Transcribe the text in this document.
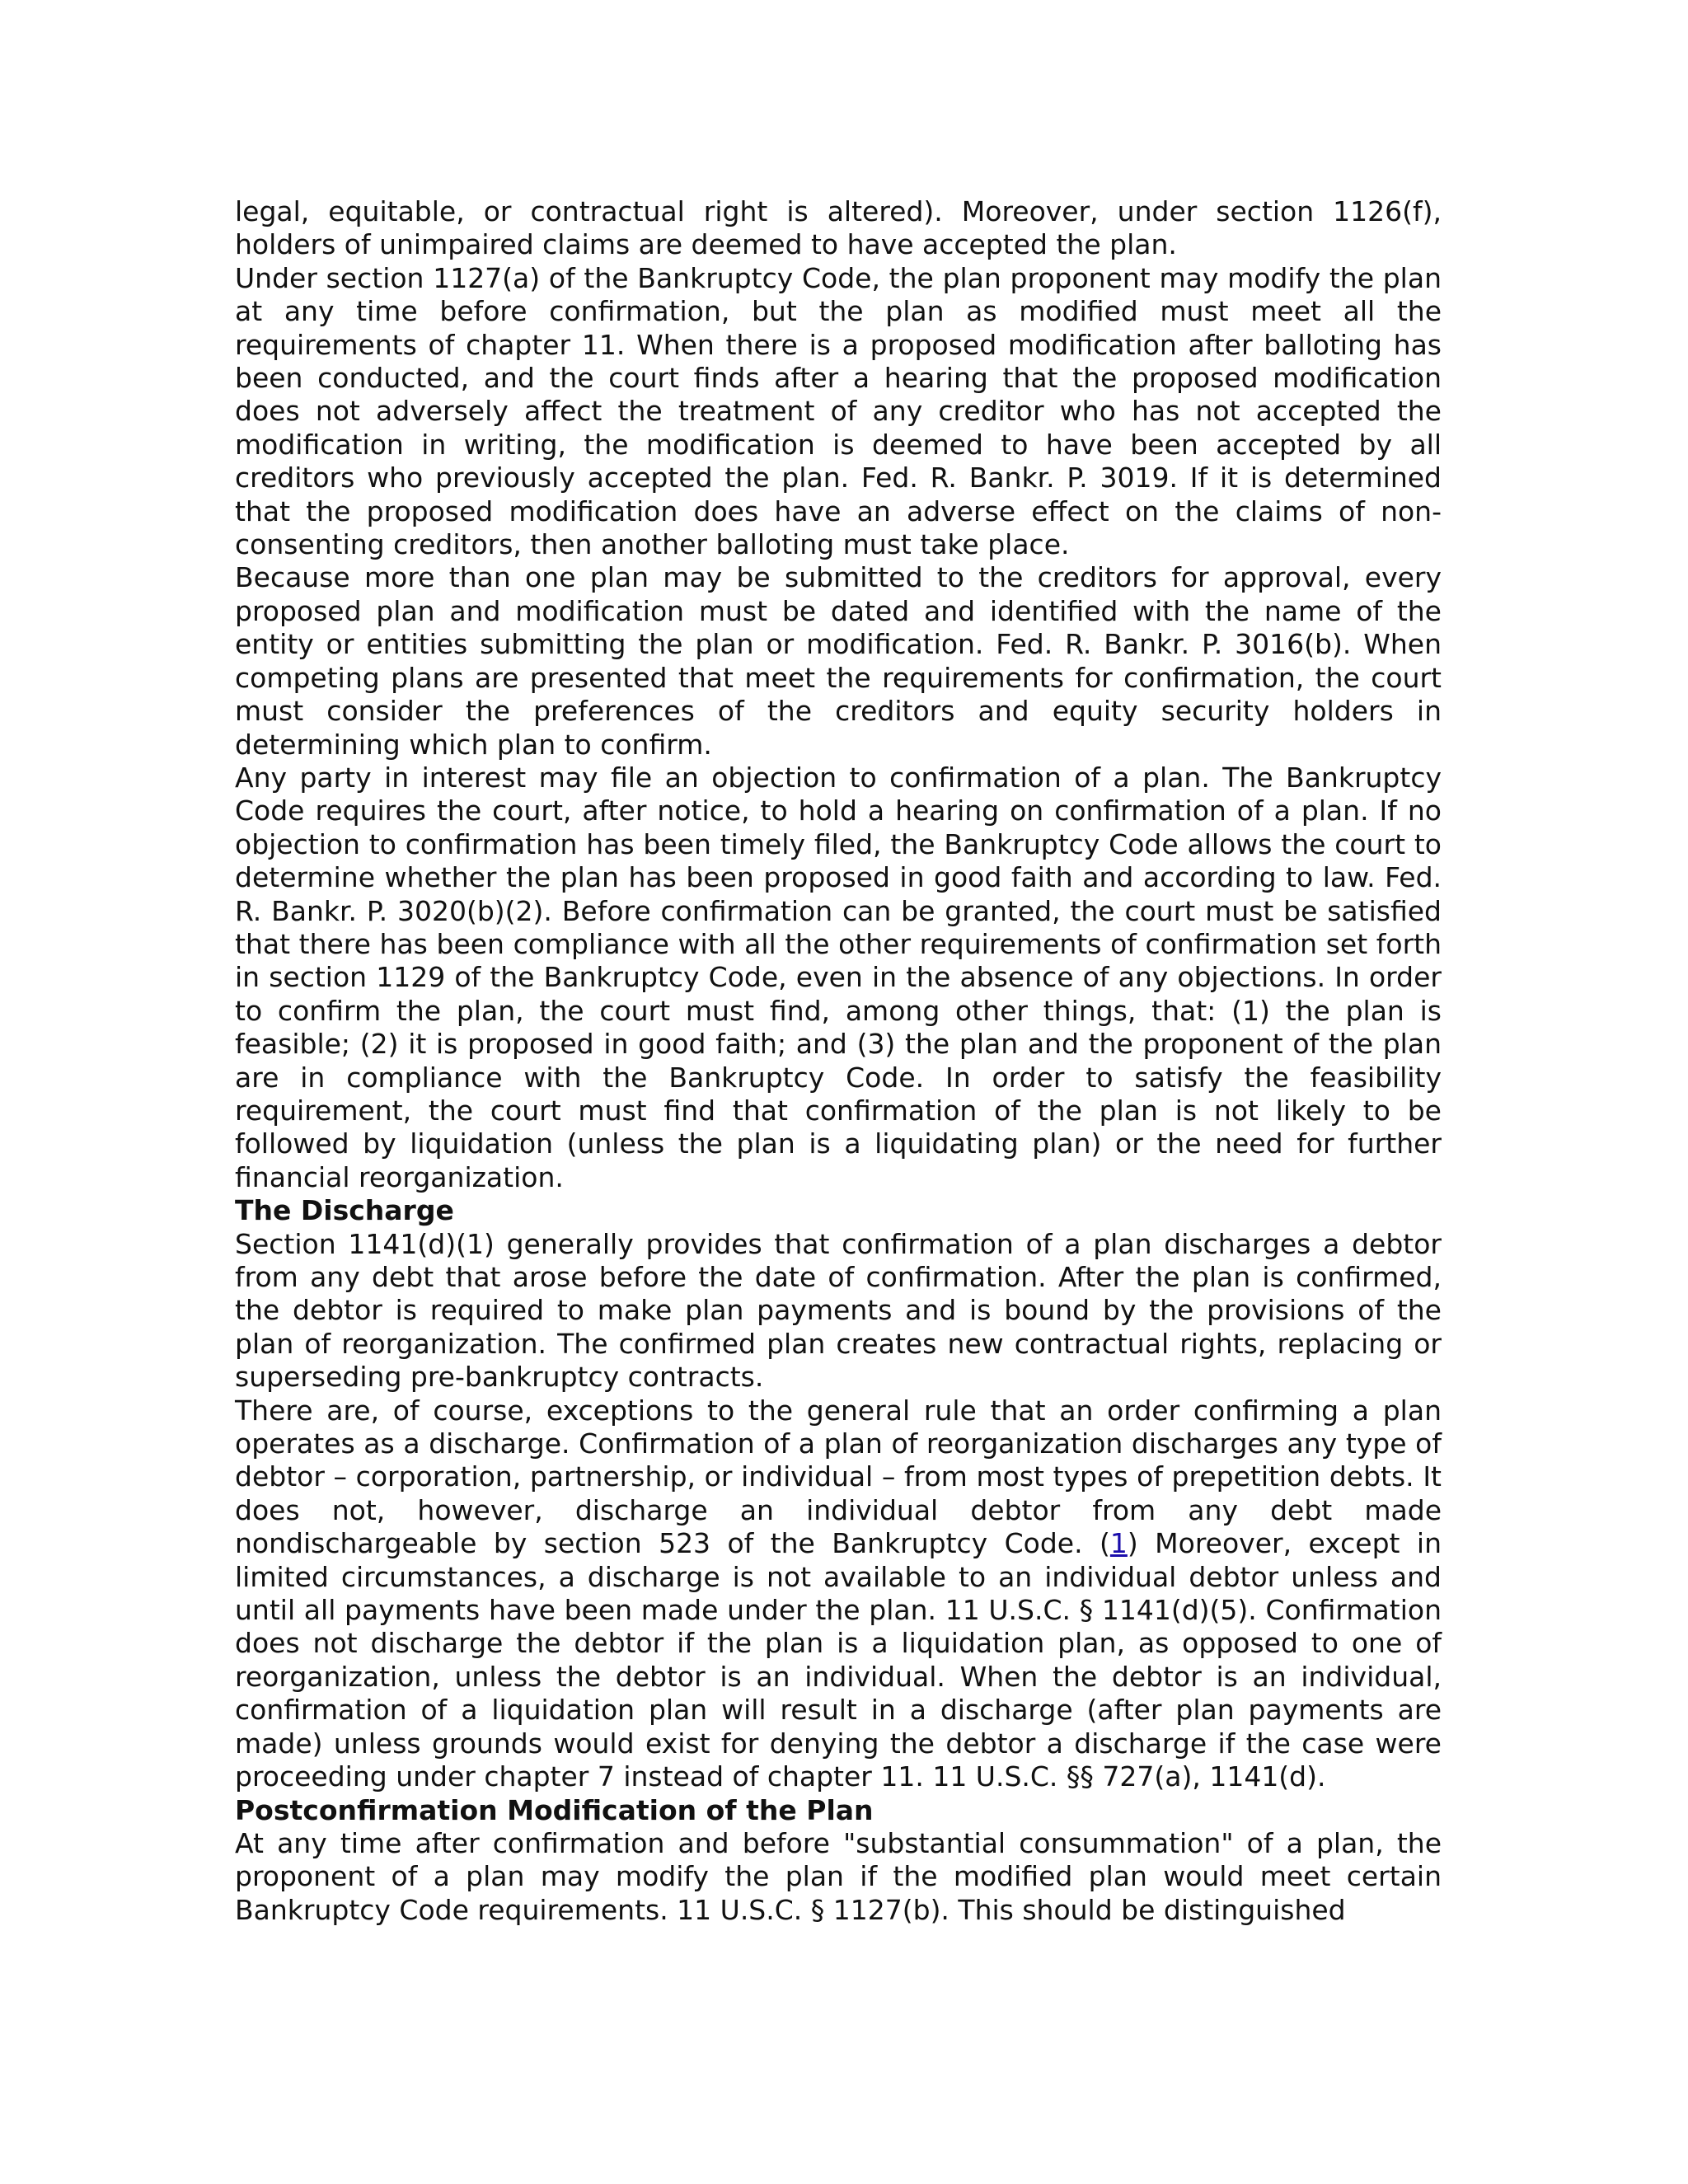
legal, equitable, or contractual right is altered). Moreover, under section 1126(f), holders of unimpaired claims are deemed to have accepted the plan.

Under section 1127(a) of the Bankruptcy Code, the plan proponent may modify the plan at any time before confirmation, but the plan as modified must meet all the requirements of chapter 11. When there is a proposed modification after balloting has been conducted, and the court finds after a hearing that the proposed modification does not adversely affect the treatment of any creditor who has not accepted the modification in writing, the modification is deemed to have been accepted by all creditors who previously accepted the plan. Fed. R. Bankr. P. 3019. If it is determined that the proposed modification does have an adverse effect on the claims of non-consenting creditors, then another balloting must take place.

Because more than one plan may be submitted to the creditors for approval, every proposed plan and modification must be dated and identified with the name of the entity or entities submitting the plan or modification. Fed. R. Bankr. P. 3016(b). When competing plans are presented that meet the requirements for confirmation, the court must consider the preferences of the creditors and equity security holders in determining which plan to confirm.

Any party in interest may file an objection to confirmation of a plan. The Bankruptcy Code requires the court, after notice, to hold a hearing on confirmation of a plan. If no objection to confirmation has been timely filed, the Bankruptcy Code allows the court to determine whether the plan has been proposed in good faith and according to law. Fed. R. Bankr. P. 3020(b)(2). Before confirmation can be granted, the court must be satisfied that there has been compliance with all the other requirements of confirmation set forth in section 1129 of the Bankruptcy Code, even in the absence of any objections. In order to confirm the plan, the court must find, among other things, that: (1) the plan is feasible; (2) it is proposed in good faith; and (3) the plan and the proponent of the plan are in compliance with the Bankruptcy Code. In order to satisfy the feasibility requirement, the court must find that confirmation of the plan is not likely to be followed by liquidation (unless the plan is a liquidating plan) or the need for further financial reorganization.

The Discharge

Section 1141(d)(1) generally provides that confirmation of a plan discharges a debtor from any debt that arose before the date of confirmation. After the plan is confirmed, the debtor is required to make plan payments and is bound by the provisions of the plan of reorganization. The confirmed plan creates new contractual rights, replacing or superseding pre-bankruptcy contracts.

There are, of course, exceptions to the general rule that an order confirming a plan operates as a discharge. Confirmation of a plan of reorganization discharges any type of debtor – corporation, partnership, or individual – from most types of prepetition debts. It does not, however, discharge an individual debtor from any debt made nondischargeable by section 523 of the Bankruptcy Code. (1) Moreover, except in limited circumstances, a discharge is not available to an individual debtor unless and until all payments have been made under the plan. 11 U.S.C. § 1141(d)(5). Confirmation does not discharge the debtor if the plan is a liquidation plan, as opposed to one of reorganization, unless the debtor is an individual. When the debtor is an individual, confirmation of a liquidation plan will result in a discharge (after plan payments are made) unless grounds would exist for denying the debtor a discharge if the case were proceeding under chapter 7 instead of chapter 11. 11 U.S.C. §§ 727(a), 1141(d).

Postconfirmation Modification of the Plan

At any time after confirmation and before "substantial consummation" of a plan, the proponent of a plan may modify the plan if the modified plan would meet certain Bankruptcy Code requirements. 11 U.S.C. § 1127(b). This should be distinguished
